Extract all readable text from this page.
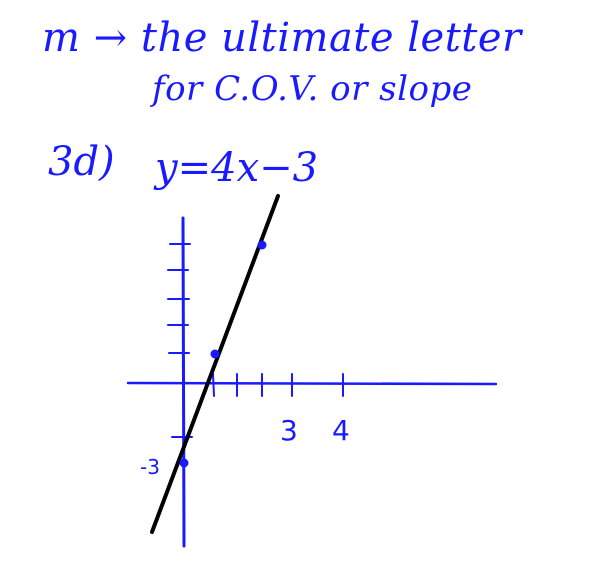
m → the ultimate letter
for C.O.V. or slope
3d) y=4x−3
3 4
-3
